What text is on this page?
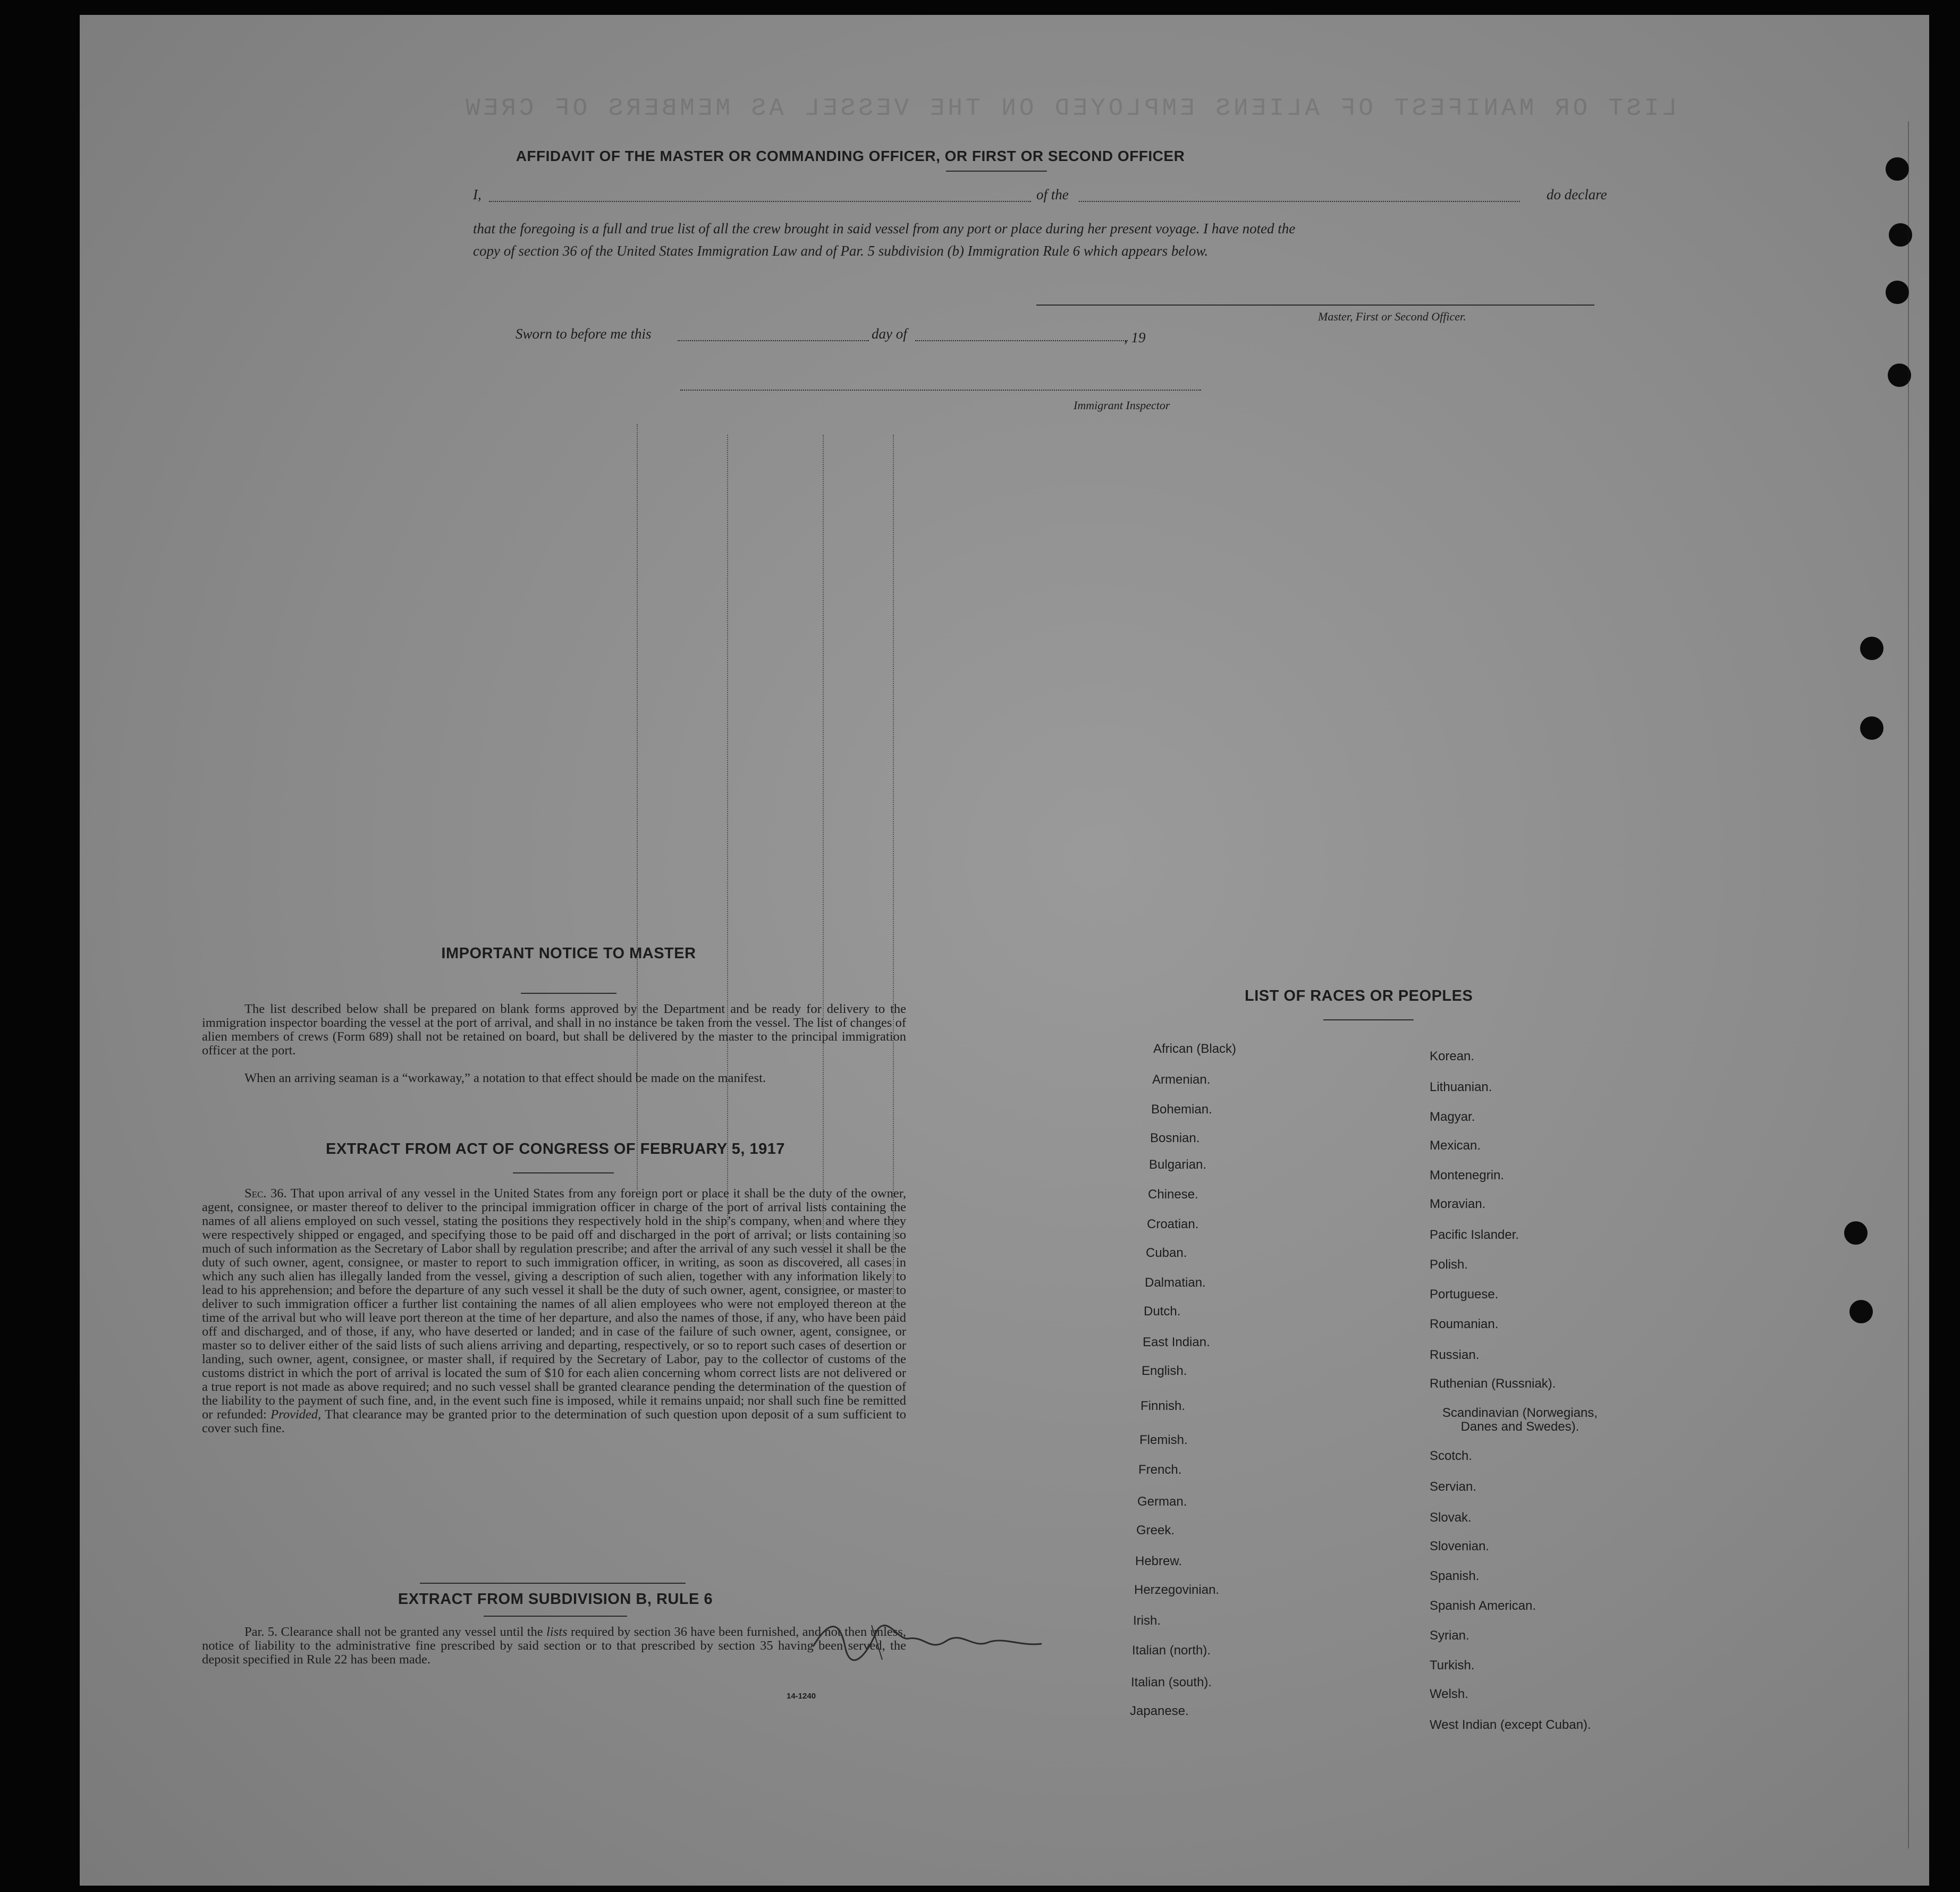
LIST OR MANIFEST OF ALIENS EMPLOYED ON THE VESSEL AS MEMBERS OF CREW
AFFIDAVIT OF THE MASTER OR COMMANDING OFFICER, OR FIRST OR SECOND OFFICER
I,	of the	do declare
that the foregoing is a full and true list of all the crew brought in said vessel from any port or place during her present voyage. I have noted the
copy of section 36 of the United States Immigration Law and of Par. 5 subdivision (b) Immigration Rule 6 which appears below.
Master, First or Second Officer.
Sworn to before me this	day of	, 19
Immigrant Inspector
IMPORTANT NOTICE TO MASTER
The list described below shall be prepared on blank forms approved by the Department and be ready for delivery to the immigration inspector boarding the vessel at the port of arrival, and shall in no instance be taken from the vessel. The list of changes of alien members of crews (Form 689) shall not be retained on board, but shall be delivered by the master to the principal immigration officer at the port.
When an arriving seaman is a “workaway,” a notation to that effect should be made on the manifest.
EXTRACT FROM ACT OF CONGRESS OF FEBRUARY 5, 1917
Sec. 36. That upon arrival of any vessel in the United States from any foreign port or place it shall be the duty of the owner, agent, consignee, or master thereof to deliver to the principal immigration officer in charge of the port of arrival lists containing the names of all aliens employed on such vessel, stating the positions they respectively hold in the ship’s company, when and where they were respectively shipped or engaged, and specifying those to be paid off and discharged in the port of arrival; or lists containing so much of such information as the Secretary of Labor shall by regulation prescribe; and after the arrival of any such vessel it shall be the duty of such owner, agent, consignee, or master to report to such immigration officer, in writing, as soon as discovered, all cases in which any such alien has illegally landed from the vessel, giving a description of such alien, together with any information likely to lead to his apprehension; and before the departure of any such vessel it shall be the duty of such owner, agent, consignee, or master to deliver to such immigration officer a further list containing the names of all alien employees who were not employed thereon at the time of the arrival but who will leave port thereon at the time of her departure, and also the names of those, if any, who have been paid off and discharged, and of those, if any, who have deserted or landed; and in case of the failure of such owner, agent, consignee, or master so to deliver either of the said lists of such aliens arriving and departing, respectively, or so to report such cases of desertion or landing, such owner, agent, consignee, or master shall, if required by the Secretary of Labor, pay to the collector of customs of the customs district in which the port of arrival is located the sum of $10 for each alien concerning whom correct lists are not delivered or a true report is not made as above required; and no such vessel shall be granted clearance pending the determination of the question of the liability to the payment of such fine, and, in the event such fine is imposed, while it remains unpaid; nor shall such fine be remitted or refunded: Provided, That clearance may be granted prior to the determination of such question upon deposit of a sum sufficient to cover such fine.
EXTRACT FROM SUBDIVISION B, RULE 6
Par. 5. Clearance shall not be granted any vessel until the lists required by section 36 have been furnished, and not then unless, notice of liability to the administrative fine prescribed by said section or to that prescribed by section 35 having been served, the deposit specified in Rule 22 has been made.
14-1240
LIST OF RACES OR PEOPLES
African (Black)
Armenian.
Bohemian.
Bosnian.
Bulgarian.
Chinese.
Croatian.
Cuban.
Dalmatian.
Dutch.
East Indian.
English.
Finnish.
Flemish.
French.
German.
Greek.
Hebrew.
Herzegovinian.
Irish.
Italian (north).
Italian (south).
Japanese.
Korean.
Lithuanian.
Magyar.
Mexican.
Montenegrin.
Moravian.
Pacific Islander.
Polish.
Portuguese.
Roumanian.
Russian.
Ruthenian (Russniak).
Scandinavian (Norwegians, Danes and Swedes).
Scotch.
Servian.
Slovak.
Slovenian.
Spanish.
Spanish American.
Syrian.
Turkish.
Welsh.
West Indian (except Cuban).
